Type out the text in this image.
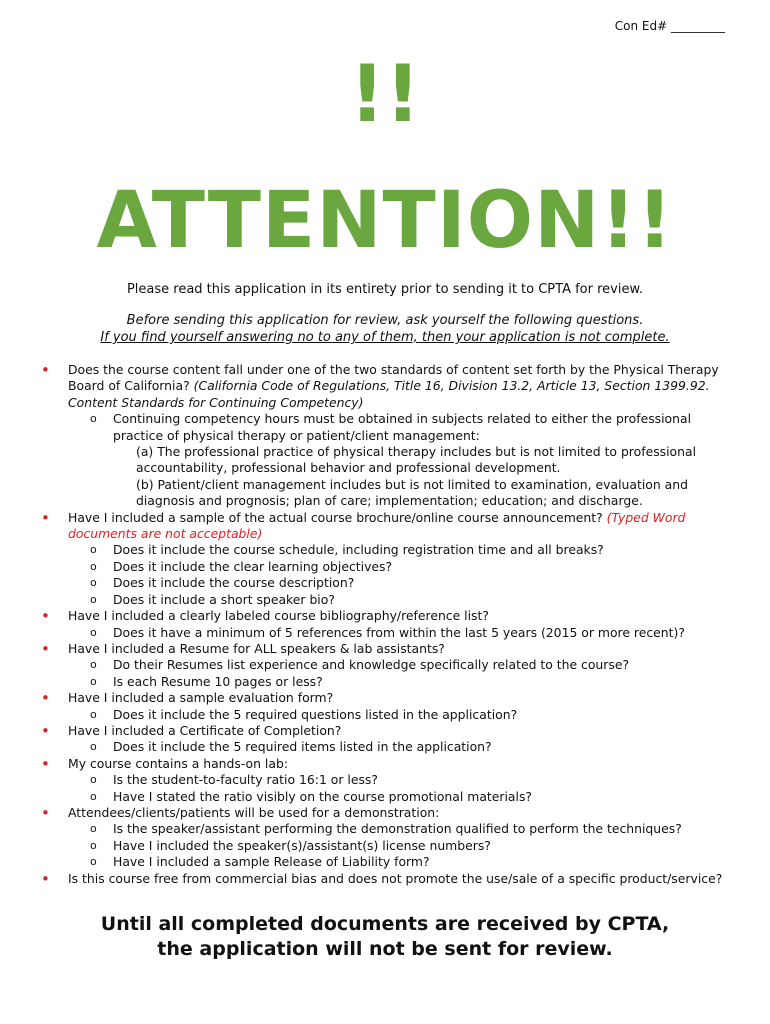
Con Ed# _________
!!
ATTENTION!!
Please read this application in its entirety prior to sending it to CPTA for review.
Before sending this application for review, ask yourself the following questions.
If you find yourself answering no to any of them, then your application is not complete.
• Does the course content fall under one of the two standards of content set forth by the Physical Therapy Board of California? (California Code of Regulations, Title 16, Division 13.2, Article 13, Section 1399.92. Content Standards for Continuing Competency)
o Continuing competency hours must be obtained in subjects related to either the professional practice of physical therapy or patient/client management:
(a) The professional practice of physical therapy includes but is not limited to professional accountability, professional behavior and professional development.
(b) Patient/client management includes but is not limited to examination, evaluation and diagnosis and prognosis; plan of care; implementation; education; and discharge.
• Have I included a sample of the actual course brochure/online course announcement? (Typed Word documents are not acceptable)
o Does it include the course schedule, including registration time and all breaks?
o Does it include the clear learning objectives?
o Does it include the course description?
o Does it include a short speaker bio?
• Have I included a clearly labeled course bibliography/reference list?
o Does it have a minimum of 5 references from within the last 5 years (2015 or more recent)?
• Have I included a Resume for ALL speakers & lab assistants?
o Do their Resumes list experience and knowledge specifically related to the course?
o Is each Resume 10 pages or less?
• Have I included a sample evaluation form?
o Does it include the 5 required questions listed in the application?
• Have I included a Certificate of Completion?
o Does it include the 5 required items listed in the application?
• My course contains a hands-on lab:
o Is the student-to-faculty ratio 16:1 or less?
o Have I stated the ratio visibly on the course promotional materials?
• Attendees/clients/patients will be used for a demonstration:
o Is the speaker/assistant performing the demonstration qualified to perform the techniques?
o Have I included the speaker(s)/assistant(s) license numbers?
o Have I included a sample Release of Liability form?
• Is this course free from commercial bias and does not promote the use/sale of a specific product/service?
Until all completed documents are received by CPTA,
the application will not be sent for review.
